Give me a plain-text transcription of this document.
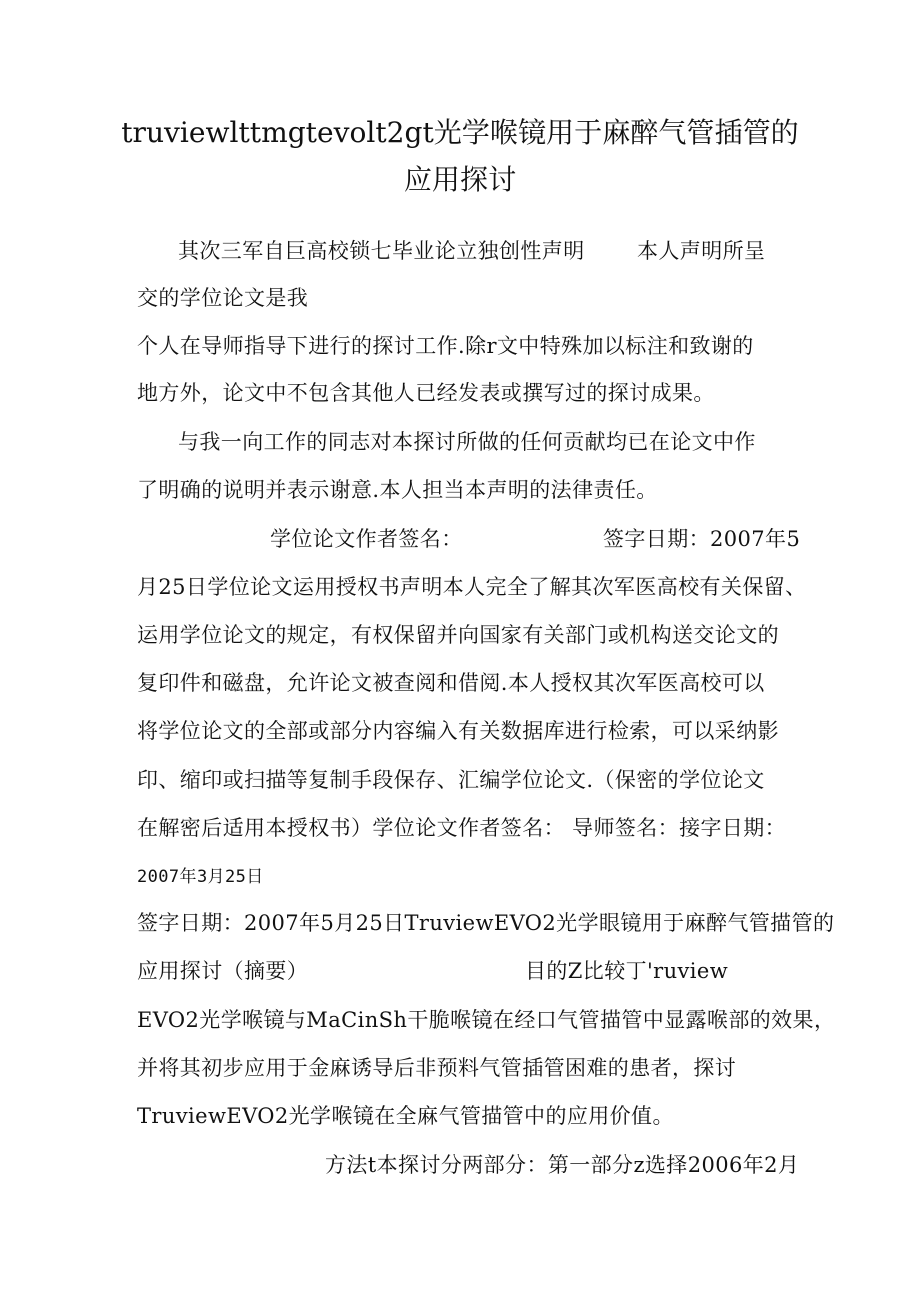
truviewlttmgtevolt2gt光学喉镜用于麻醉气管插管的
应用探讨
其次三军自巨高校锁七毕业论立独创性声明 本人声明所呈
交的学位论文是我
个人在导师指导下进行的探讨工作.除r文中特殊加以标注和致谢的
地方外，论文中不包含其他人已经发表或撰写过的探讨成果。
与我一向工作的同志对本探讨所做的任何贡献均已在论文中作
了明确的说明并表示谢意.本人担当本声明的法律责任。
学位论文作者签名：	签字日期：2007年5
月25日学位论文运用授权书声明本人完全了解其次军医高校有关保留、
运用学位论文的规定，有权保留并向国家有关部门或机构送交论文的
复印件和磁盘，允许论文被查阅和借阅.本人授权其次军医高校可以
将学位论文的全部或部分内容编入有关数据库进行检索，可以采纳影
印、缩印或扫描等复制手段保存、汇编学位论文.（保密的学位论文
在解密后适用本授权书）学位论文作者签名： 导师签名：接字日期：
2007年3月25日
签字日期：2007年5月25日TruviewEVO2光学眼镜用于麻醉气管描管的
应用探讨（摘要）	目的Z比较丁'ruview
EVO2光学喉镜与MaCinSh干脆喉镜在经口气管描管中显露喉部的效果，
并将其初步应用于金麻诱导后非预料气管插管困难的患者，探讨
TruviewEVO2光学喉镜在全麻气管描管中的应用价值。
方法t本探讨分两部分：第一部分z选择2006年2月
